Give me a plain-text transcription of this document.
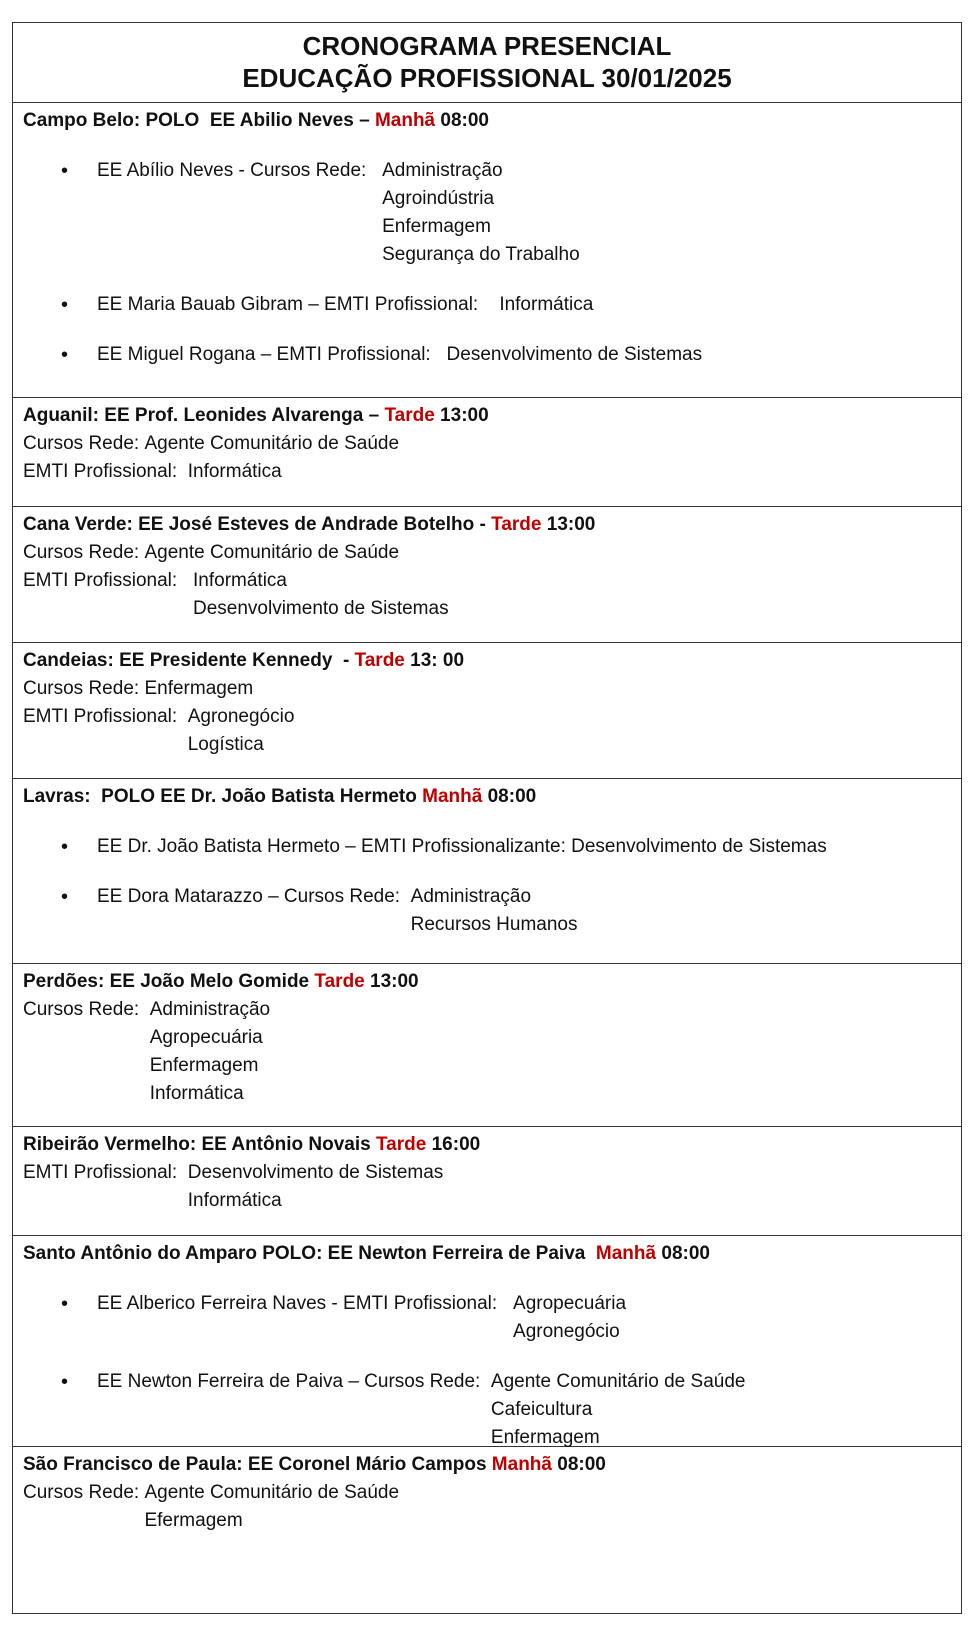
CRONOGRAMA PRESENCIAL
EDUCAÇÃO PROFISSIONAL 30/01/2025
Campo Belo: POLO  EE Abilio Neves – Manhã 08:00
• EE Abílio Neves - Cursos Rede: Administração
Agroindústria
Enfermagem
Segurança do Trabalho
• EE Maria Bauab Gibram – EMTI Profissional: Informática
• EE Miguel Rogana – EMTI Profissional: Desenvolvimento de Sistemas
Aguanil: EE Prof. Leonides Alvarenga – Tarde 13:00
Cursos Rede: Agente Comunitário de Saúde
EMTI Profissional: Informática
Cana Verde: EE José Esteves de Andrade Botelho - Tarde 13:00
Cursos Rede: Agente Comunitário de Saúde
EMTI Profissional: Informática
Desenvolvimento de Sistemas
Candeias: EE Presidente Kennedy  - Tarde 13: 00
Cursos Rede: Enfermagem
EMTI Profissional: Agronegócio
Logística
Lavras:  POLO EE Dr. João Batista Hermeto Manhã 08:00
• EE Dr. João Batista Hermeto – EMTI Profissionalizante: Desenvolvimento de Sistemas
• EE Dora Matarazzo – Cursos Rede: Administração
Recursos Humanos
Perdões: EE João Melo Gomide Tarde 13:00
Cursos Rede: Administração
Agropecuária
Enfermagem
Informática
Ribeirão Vermelho: EE Antônio Novais Tarde 16:00
EMTI Profissional: Desenvolvimento de Sistemas
Informática
Santo Antônio do Amparo POLO: EE Newton Ferreira de Paiva  Manhã 08:00
• EE Alberico Ferreira Naves - EMTI Profissional: Agropecuária
Agronegócio
• EE Newton Ferreira de Paiva – Cursos Rede: Agente Comunitário de Saúde
Cafeicultura
Enfermagem
São Francisco de Paula: EE Coronel Mário Campos Manhã 08:00
Cursos Rede: Agente Comunitário de Saúde
Efermagem
